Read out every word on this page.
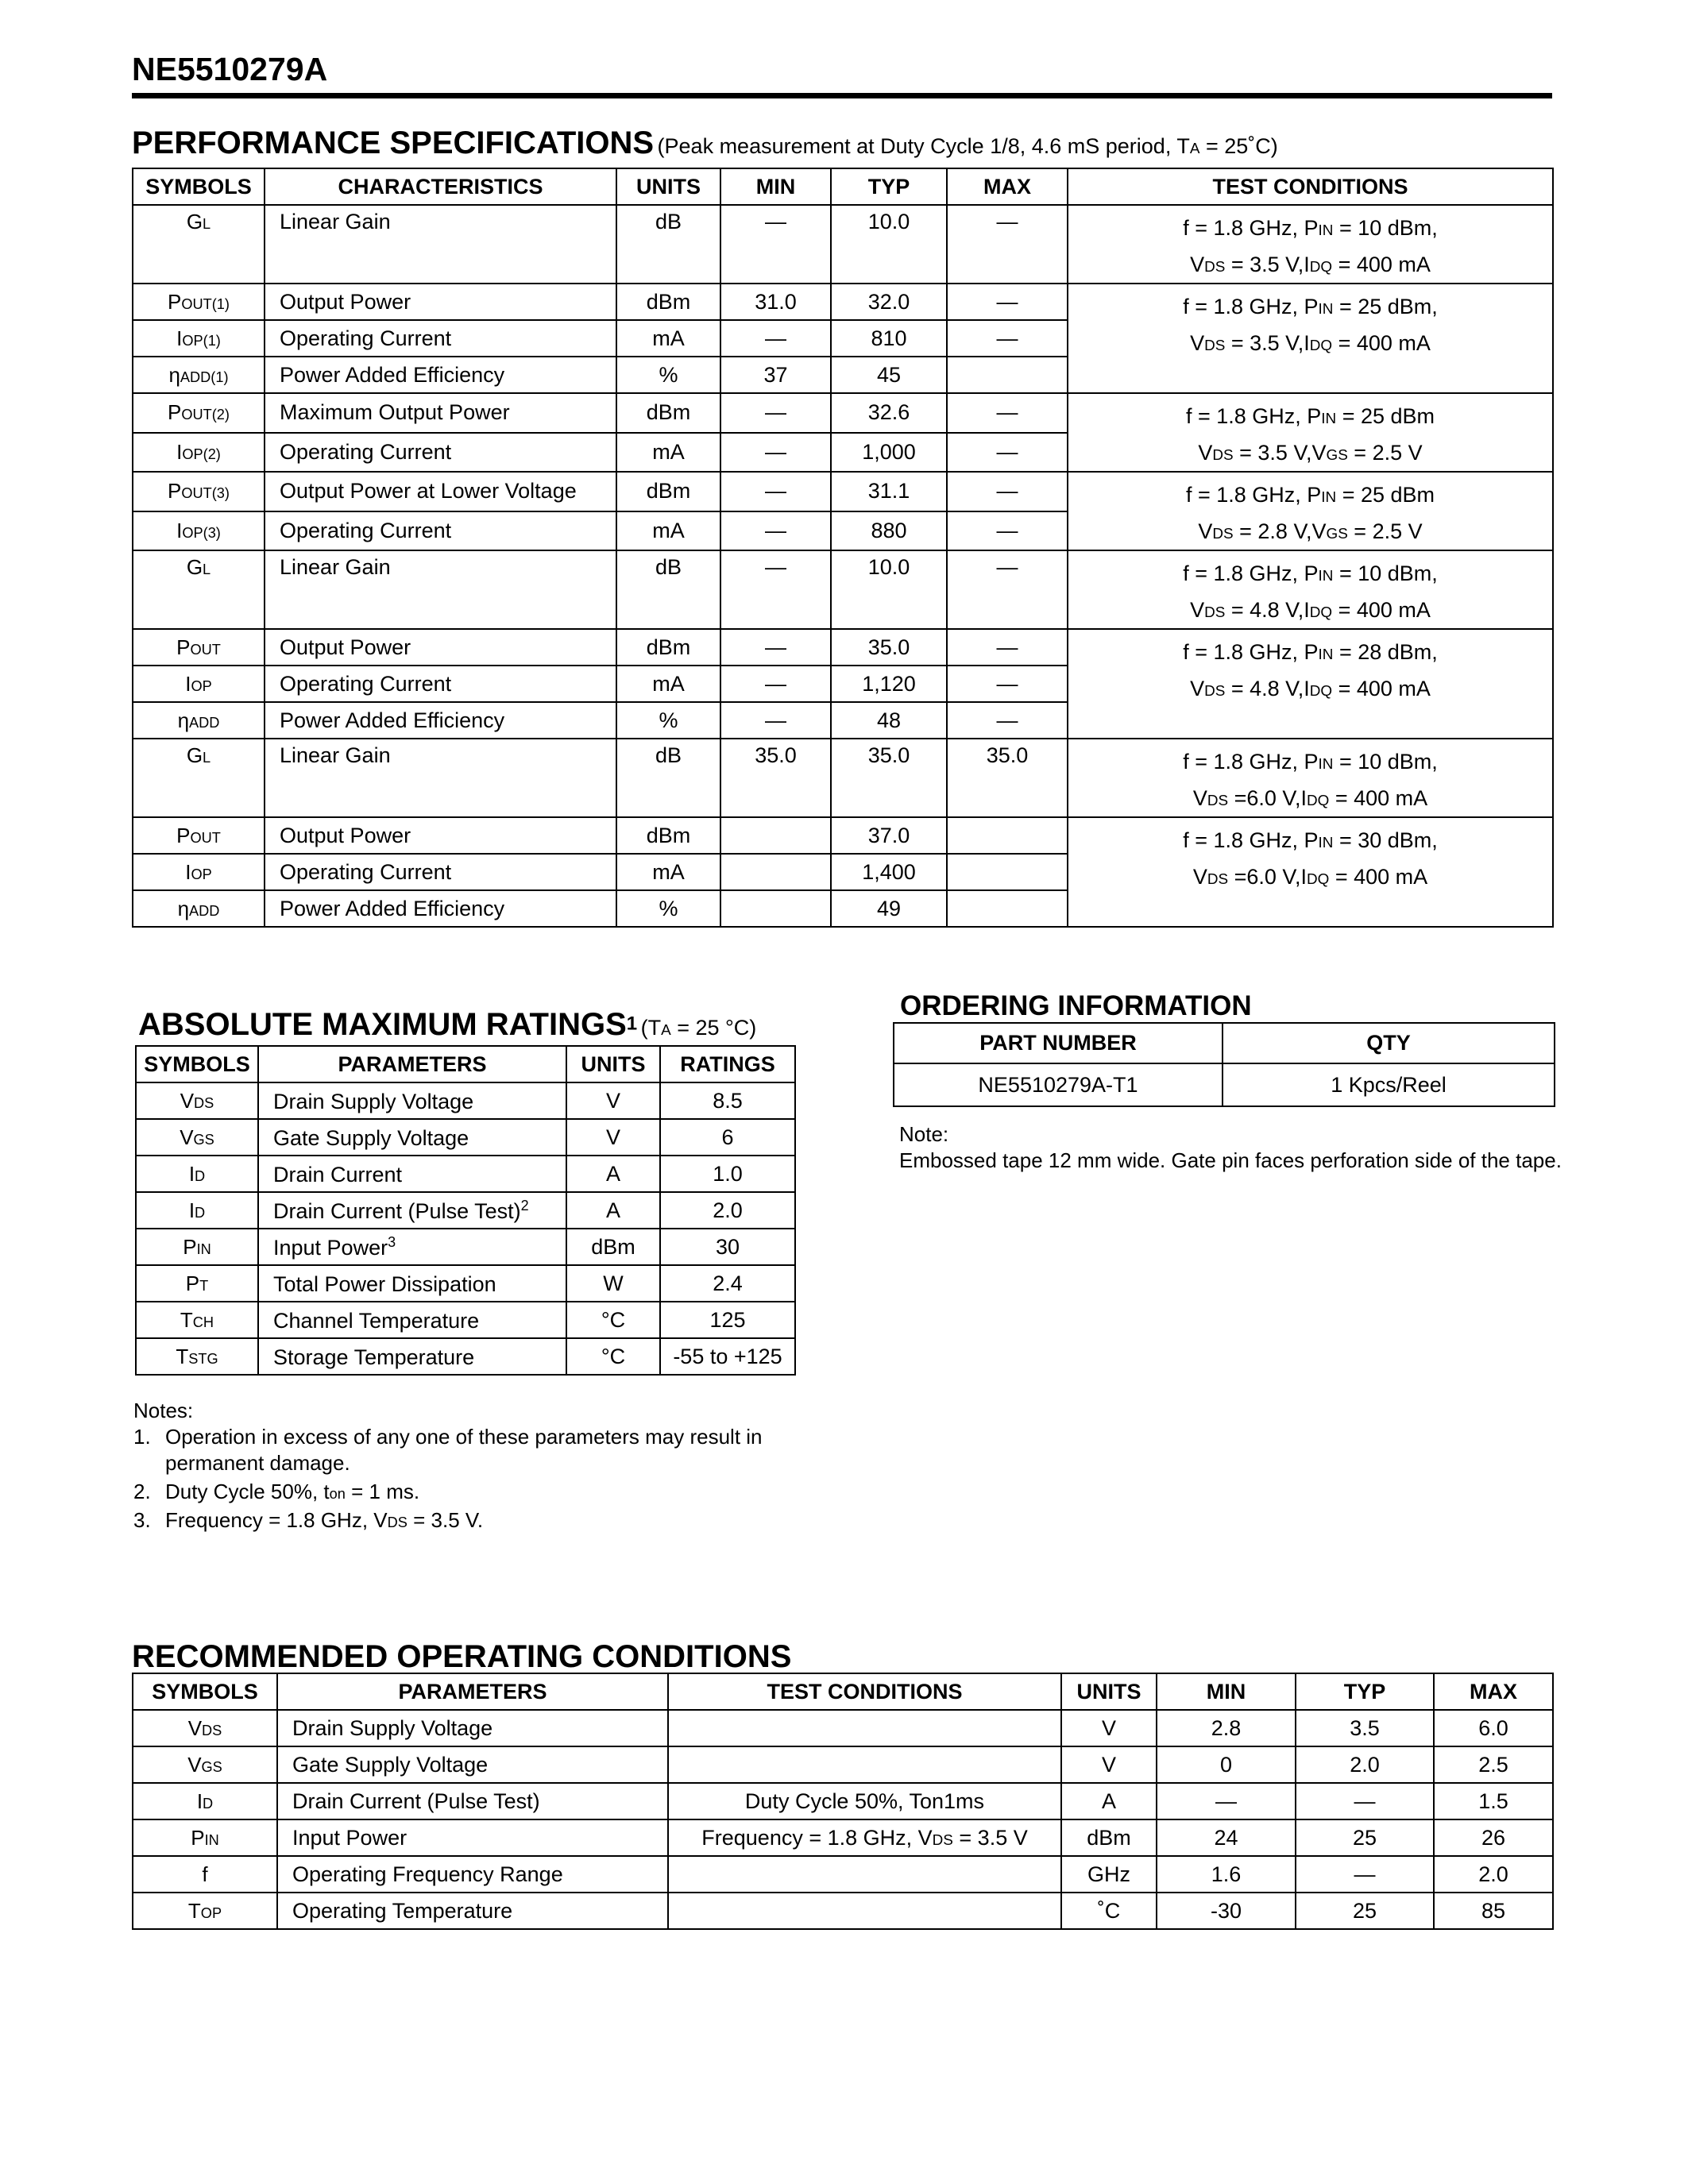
NE5510279A
PERFORMANCE SPECIFICATIONS (Peak measurement at Duty Cycle 1/8, 4.6 mS period, TA = 25˚C)
SYMBOLS	CHARACTERISTICS	UNITS	MIN	TYP	MAX	TEST CONDITIONS
GL	Linear Gain	dB	—	10.0	—	f = 1.8 GHz, PIN = 10 dBm,
VDS = 3.5 V,IDQ = 400 mA

POUT(1)	Output Power	dBm	31.0	32.0	—	f = 1.8 GHz, PIN = 25 dBm,
VDS = 3.5 V,IDQ = 400 mA

IOP(1)	Operating Current	mA	—	810	—	
ηADD(1)	Power Added Efficiency	%	37	45		
POUT(2)	Maximum Output Power	dBm	—	32.6	—	f = 1.8 GHz, PIN = 25 dBm
VDS = 3.5 V,VGS = 2.5 V

IOP(2)	Operating Current	mA	—	1,000	—	
POUT(3)	Output Power at Lower Voltage	dBm	—	31.1	—	f = 1.8 GHz, PIN = 25 dBm
VDS = 2.8 V,VGS = 2.5 V

IOP(3)	Operating Current	mA	—	880	—	
GL	Linear Gain	dB	—	10.0	—	f = 1.8 GHz, PIN = 10 dBm,
VDS = 4.8 V,IDQ = 400 mA

POUT	Output Power	dBm	—	35.0	—	f = 1.8 GHz, PIN = 28 dBm,
VDS = 4.8 V,IDQ = 400 mA

IOP	Operating Current	mA	—	1,120	—	
ηADD	Power Added Efficiency	%	—	48	—	
GL	Linear Gain	dB	35.0	35.0	35.0	f = 1.8 GHz, PIN = 10 dBm,
VDS =6.0 V,IDQ = 400 mA

POUT	Output Power	dBm		37.0		f = 1.8 GHz, PIN = 30 dBm,
VDS =6.0 V,IDQ = 400 mA

IOP	Operating Current	mA		1,400		
ηADD	Power Added Efficiency	%		49		
ABSOLUTE MAXIMUM RATINGS$^1$ (TA = 25 °C)
SYMBOLS	PARAMETERS	UNITS	RATINGS
VDS	Drain Supply Voltage	V	8.5
VGS	Gate Supply Voltage	V	6
ID	Drain Current	A	1.0
ID	Drain Current (Pulse Test)$^2$	A	2.0
PIN	Input Power$^3$	dBm	30
PT	Total Power Dissipation	W	2.4
TCH	Channel Temperature	°C	125
TSTG	Storage Temperature	°C	-55 to +125

Notes:

1. Operation in excess of any one of these parameters may result in permanent damage.
2. Duty Cycle 50%, ton = 1 ms.
3. Frequency = 1.8 GHz, VDS = 3.5 V.
ORDERING INFORMATION
PART NUMBER	QTY
NE5510279A-T1	1 Kpcs/Reel

Note:

Embossed tape 12 mm wide. Gate pin faces perforation side of the tape.

RECOMMENDED OPERATING CONDITIONS
SYMBOLS	PARAMETERS	TEST CONDITIONS	UNITS	MIN	TYP	MAX
VDS	Drain Supply Voltage		V	2.8	3.5	6.0
VGS	Gate Supply Voltage		V	0	2.0	2.5
ID	Drain Current (Pulse Test)	Duty Cycle 50%, Ton1ms	A	—	—	1.5
PIN	Input Power	Frequency = 1.8 GHz, VDS = 3.5 V	dBm	24	25	26
f	Operating Frequency Range		GHz	1.6	—	2.0
TOP	Operating Temperature		˚C	-30	25	85
